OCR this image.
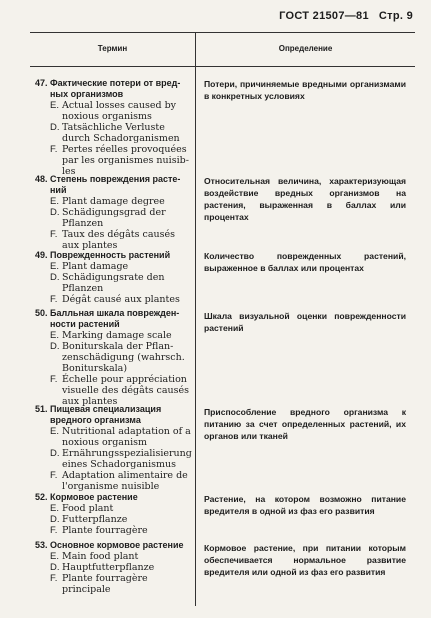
ГОСТ 21507—81 Стр. 9
Термин	Определение
47. Фактические потери от вред-
ных организмов
E. Actual losses caused by
noxious organisms
D. Tatsächliche Verluste
durch Schadorganismen
F. Pertes réelles provoquées
par les organismes nuisib-
les
Потери, причиняемые вредными организмами в конкретных условиях
48. Степень повреждения расте-
ний
E. Plant damage degree
D. Schädigungsgrad der
Pflanzen
F. Taux des dégâts causés
aux plantes
Относительная величина, характеризующая воздействие вредных организмов на растения, выраженная в баллах или процентах
49. Поврежденность растений
E. Plant damage
D. Schädigungsrate den
Pflanzen
F. Dégât causé aux plantes
Количество поврежденных растений, выраженное в баллах или процентах
50. Балльная шкала поврежден-
ности растений
E. Marking damage scale
D. Boniturskala der Pflan-
zenschädigung (wahrsch.
Boniturskala)
F. Échelle pour appréciation
visuelle des dégâts causés
aux plantes
Шкала визуальной оценки поврежденности растений
51. Пищевая специализация
вредного организма
E. Nutritional adaptation of a
noxious organism
D. Ernährungsspezialisierung
eines Schadorganismus
F. Adaptation alimentaire de
l'organisme nuisible
Приспособление вредного организма к питанию за счет определенных растений, их органов или тканей
52. Кормовое растение
E. Food plant
D. Futterpflanze
F. Plante fourragère
Растение, на котором возможно питание вредителя в одной из фаз его развития
53. Основное кормовое растение
E. Main food plant
D. Hauptfutterpflanze
F. Plante fourragère principale
Кормовое растение, при питании которым обеспечивается нормальное развитие вредителя или одной из фаз его развития
